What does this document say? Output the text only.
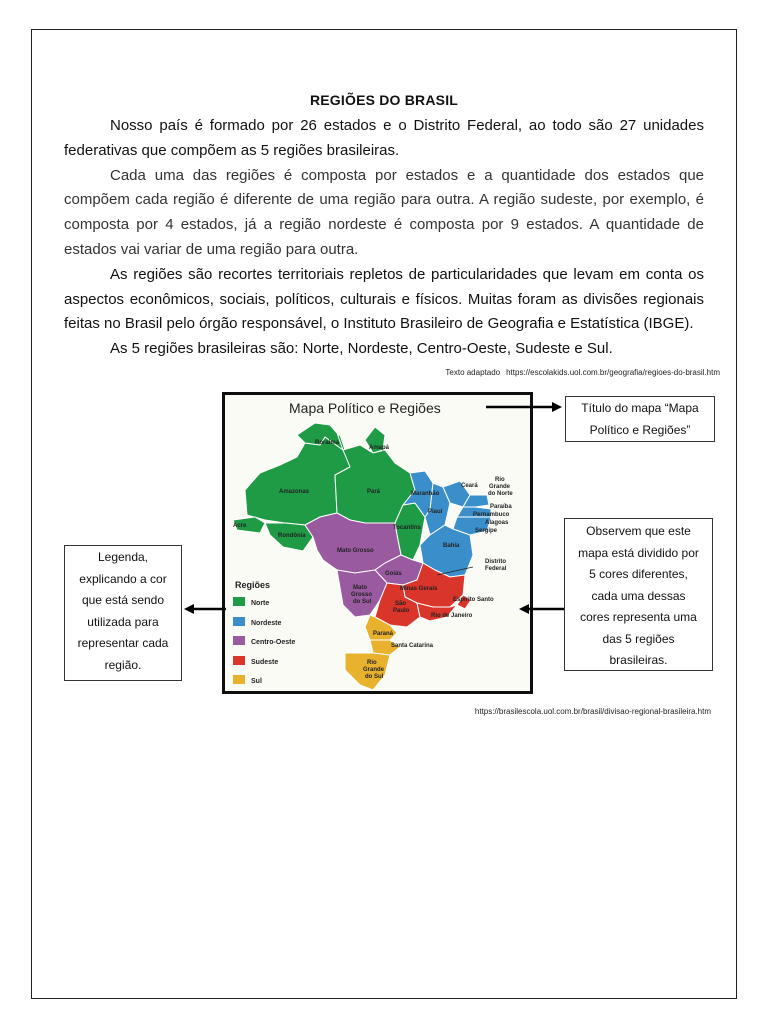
REGIÕES DO BRASIL

Nosso país é formado por 26 estados e o Distrito Federal, ao todo são 27 unidades federativas que compõem as 5 regiões brasileiras.

Cada uma das regiões é composta por estados e a quantidade dos estados que compõem cada região é diferente de uma região para outra. A região sudeste, por exemplo, é composta por 4 estados, já a região nordeste é composta por 9 estados. A quantidade de estados vai variar de uma região para outra.

As regiões são recortes territoriais repletos de particularidades que levam em conta os aspectos econômicos, sociais, políticos, culturais e físicos. Muitas foram as divisões regionais feitas no Brasil pelo órgão responsável, o Instituto Brasileiro de Geografia e Estatística (IBGE).

As 5 regiões brasileiras são: Norte, Nordeste, Centro-Oeste, Sudeste e Sul.

Texto adaptado https://escolakids.uol.com.br/geografia/regioes-do-brasil.htm
Mapa Político e Regiões
Roraima
Amapá
Amazonas	Pará
Acre
Rondônia
Tocantins
Maranhão
Piauí
Ceará
Rio
Grande
do Norte
Paraíba
Pernambuco
Alagoas
Sergipe
Bahia
Mato Grosso
Goiás
Distrito
Federal
Mato
Grosso
do Sul
Minas Gerais
Espírito Santo
São
Paulo
Rio de Janeiro
Paraná
Santa Catarina
Rio
Grande
do Sul
Regiões
Norte
Nordeste
Centro-Oeste
Sudeste
Sul
Título do mapa “Mapa
Político e Regiões”
Observem que este
mapa está dividido por
5 cores diferentes,
cada uma dessas
cores representa uma
das 5 regiões
brasileiras.
Legenda,
explicando a cor
que está sendo
utilizada para
representar cada
região.
https://brasilescola.uol.com.br/brasil/divisao-regional-brasileira.htm
